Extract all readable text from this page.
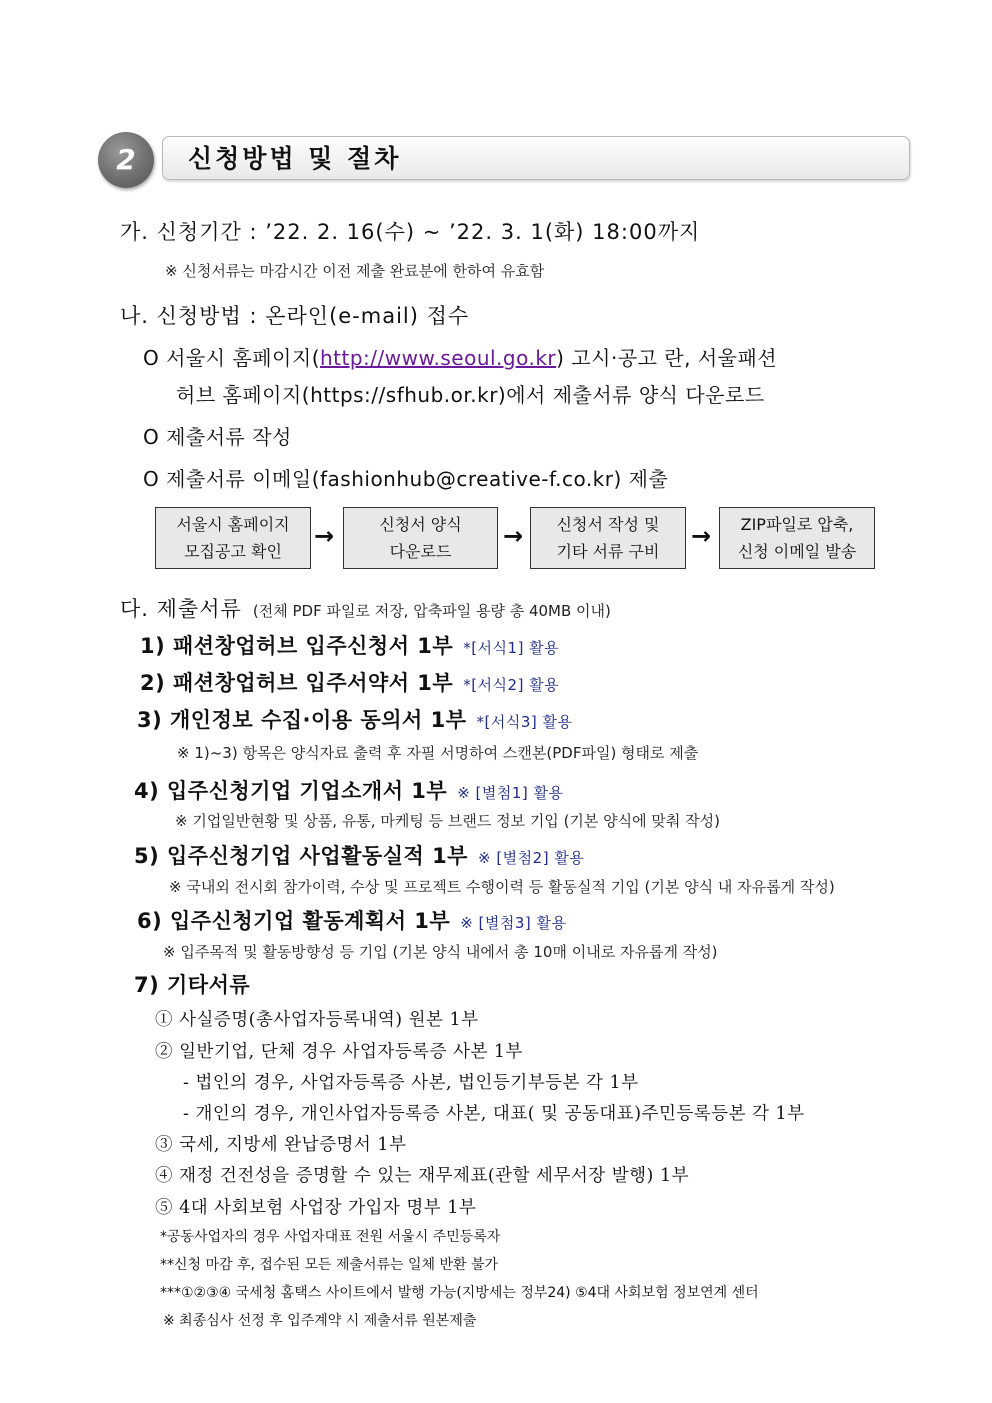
2	신청방법 및 절차
가. 신청기간 : ’22. 2. 16(수) ~ ’22. 3. 1(화) 18:00까지
※ 신청서류는 마감시간 이전 제출 완료분에 한하여 유효함
나. 신청방법 : 온라인(e-mail) 접수
O 서울시 홈페이지(http://www.seoul.go.kr) 고시·공고 란, 서울패션
허브 홈페이지(https://sfhub.or.kr)에서 제출서류 양식 다운로드
O 제출서류 작성
O 제출서류 이메일(fashionhub@creative-f.co.kr) 제출
서울시 홈페이지
모집공고 확인
→	신청서 양식
다운로드
→ 신청서 작성 및
기타 서류 구비
→ ZIP파일로 압축,
신청 이메일 발송
다. 제출서류 (전체 PDF 파일로 저장, 압축파일 용량 총 40MB 이내)
1) 패션창업허브 입주신청서 1부 *[서식1] 활용
2) 패션창업허브 입주서약서 1부 *[서식2] 활용
3) 개인정보 수집·이용 동의서 1부 *[서식3] 활용
※ 1)~3) 항목은 양식자료 출력 후 자필 서명하여 스캔본(PDF파일) 형태로 제출
4) 입주신청기업 기업소개서 1부 ※ [별첨1] 활용
※ 기업일반현황 및 상품, 유통, 마케팅 등 브랜드 정보 기입 (기본 양식에 맞춰 작성)
5) 입주신청기업 사업활동실적 1부 ※ [별첨2] 활용
※ 국내외 전시회 참가이력, 수상 및 프로젝트 수행이력 등 활동실적 기입 (기본 양식 내 자유롭게 작성)
6) 입주신청기업 활동계획서 1부 ※ [별첨3] 활용
※ 입주목적 및 활동방향성 등 기입 (기본 양식 내에서 총 10매 이내로 자유롭게 작성)
7) 기타서류
① 사실증명(총사업자등록내역) 원본 1부
② 일반기업, 단체 경우 사업자등록증 사본 1부
- 법인의 경우, 사업자등록증 사본, 법인등기부등본 각 1부
- 개인의 경우, 개인사업자등록증 사본, 대표( 및 공동대표)주민등록등본 각 1부
③ 국세, 지방세 완납증명서 1부
④ 재정 건전성을 증명할 수 있는 재무제표(관할 세무서장 발행) 1부
⑤ 4대 사회보험 사업장 가입자 명부 1부
*공동사업자의 경우 사업자대표 전원 서울시 주민등록자
**신청 마감 후, 접수된 모든 제출서류는 일체 반환 불가
***①②③④ 국세청 홈택스 사이트에서 발행 가능(지방세는 정부24) ⑤4대 사회보험 정보연계 센터
※ 최종심사 선정 후 입주계약 시 제출서류 원본제출
